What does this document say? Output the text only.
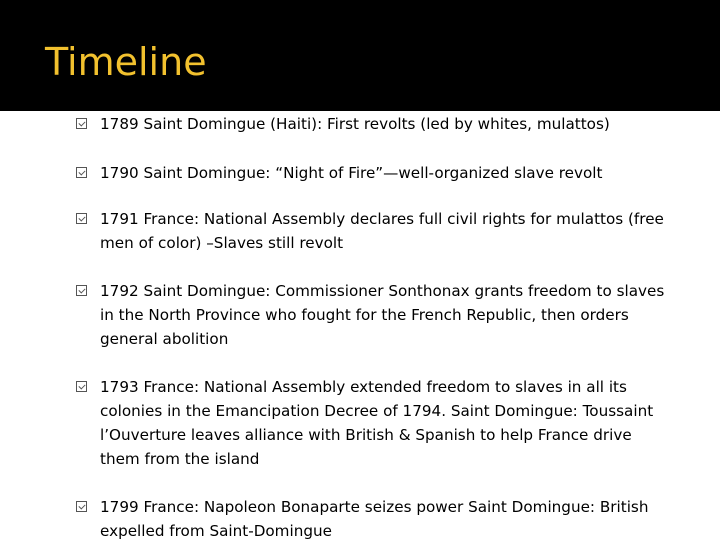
Timeline
1789 Saint Domingue (Haiti): First revolts (led by whites, mulattos)
1790 Saint Domingue: “Night of Fire”—well-organized slave revolt
1791 France: National Assembly declares full civil rights for mulattos (free men of color) –Slaves still revolt
1792 Saint Domingue: Commissioner Sonthonax grants freedom to slaves in the North Province who fought for the French Republic, then orders general abolition
1793 France: National Assembly extended freedom to slaves in all its colonies in the Emancipation Decree of 1794. Saint Domingue: Toussaint l’Ouverture leaves alliance with British & Spanish to help France drive them from the island
1799 France: Napoleon Bonaparte seizes power Saint Domingue: British expelled from Saint-Domingue
